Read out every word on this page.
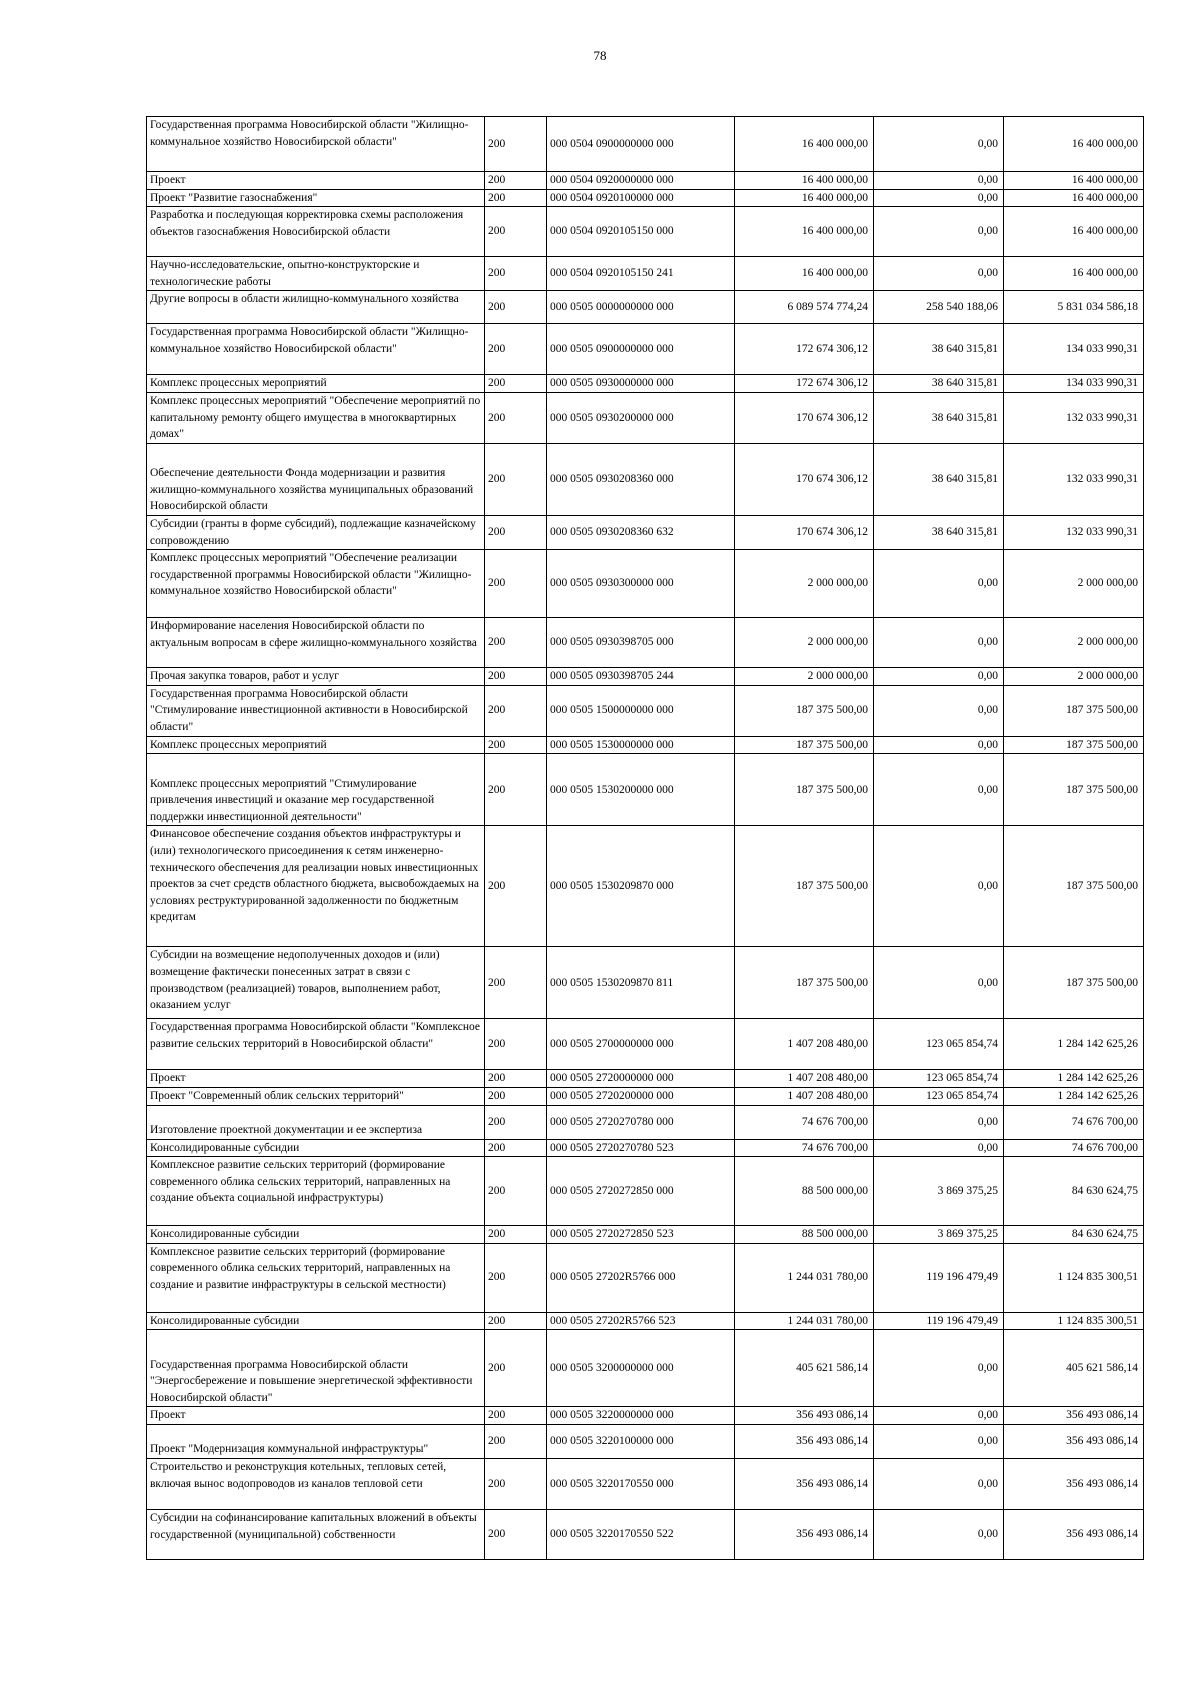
78
Государственная программа Новосибирской области "Жилищно-коммунальное хозяйство Новосибирской области"	200	000 0504 0900000000 000	16 400 000,00	0,00	16 400 000,00
Проект	200	000 0504 0920000000 000	16 400 000,00	0,00	16 400 000,00
Проект "Развитие газоснабжения"	200	000 0504 0920100000 000	16 400 000,00	0,00	16 400 000,00
Разработка и последующая корректировка схемы расположения объектов газоснабжения Новосибирской области	200	000 0504 0920105150 000	16 400 000,00	0,00	16 400 000,00
Научно-исследовательские, опытно-конструкторские и технологические работы	200	000 0504 0920105150 241	16 400 000,00	0,00	16 400 000,00
Другие вопросы в области жилищно-коммунального хозяйства	200	000 0505 0000000000 000	6 089 574 774,24	258 540 188,06	5 831 034 586,18
Государственная программа Новосибирской области "Жилищно-коммунальное хозяйство Новосибирской области"	200	000 0505 0900000000 000	172 674 306,12	38 640 315,81	134 033 990,31
Комплекс процессных мероприятий	200	000 0505 0930000000 000	172 674 306,12	38 640 315,81	134 033 990,31
Комплекс процессных мероприятий "Обеспечение мероприятий по капитальному ремонту общего имущества в многоквартирных домах"	200	000 0505 0930200000 000	170 674 306,12	38 640 315,81	132 033 990,31
Обеспечение деятельности Фонда модернизации и развития жилищно-коммунального хозяйства муниципальных образований Новосибирской области	200	000 0505 0930208360 000	170 674 306,12	38 640 315,81	132 033 990,31
Субсидии (гранты в форме субсидий), подлежащие казначейскому сопровождению	200	000 0505 0930208360 632	170 674 306,12	38 640 315,81	132 033 990,31
Комплекс процессных мероприятий "Обеспечение реализации государственной программы Новосибирской области "Жилищно-коммунальное хозяйство Новосибирской области"	200	000 0505 0930300000 000	2 000 000,00	0,00	2 000 000,00
Информирование населения Новосибирской области по актуальным вопросам в сфере жилищно-коммунального хозяйства	200	000 0505 0930398705 000	2 000 000,00	0,00	2 000 000,00
Прочая закупка товаров, работ и услуг	200	000 0505 0930398705 244	2 000 000,00	0,00	2 000 000,00
Государственная программа Новосибирской области "Стимулирование инвестиционной активности в Новосибирской области"	200	000 0505 1500000000 000	187 375 500,00	0,00	187 375 500,00
Комплекс процессных мероприятий	200	000 0505 1530000000 000	187 375 500,00	0,00	187 375 500,00
Комплекс процессных мероприятий "Стимулирование привлечения инвестиций и оказание мер государственной поддержки инвестиционной деятельности"	200	000 0505 1530200000 000	187 375 500,00	0,00	187 375 500,00
Финансовое обеспечение создания объектов инфраструктуры и (или) технологического присоединения к сетям инженерно-технического обеспечения для реализации новых инвестиционных проектов за счет средств областного бюджета, высвобождаемых на условиях реструктурированной задолженности по бюджетным кредитам	200	000 0505 1530209870 000	187 375 500,00	0,00	187 375 500,00
Субсидии на возмещение недополученных доходов и (или) возмещение фактически понесенных затрат в связи с производством (реализацией) товаров, выполнением работ, оказанием услуг	200	000 0505 1530209870 811	187 375 500,00	0,00	187 375 500,00
Государственная программа Новосибирской области "Комплексное развитие сельских территорий в Новосибирской области"	200	000 0505 2700000000 000	1 407 208 480,00	123 065 854,74	1 284 142 625,26
Проект	200	000 0505 2720000000 000	1 407 208 480,00	123 065 854,74	1 284 142 625,26
Проект "Современный облик сельских территорий"	200	000 0505 2720200000 000	1 407 208 480,00	123 065 854,74	1 284 142 625,26
Изготовление проектной документации и ее экспертиза	200	000 0505 2720270780 000	74 676 700,00	0,00	74 676 700,00
Консолидированные субсидии	200	000 0505 2720270780 523	74 676 700,00	0,00	74 676 700,00
Комплексное развитие сельских территорий (формирование современного облика сельских территорий, направленных на создание объекта социальной инфраструктуры)	200	000 0505 2720272850 000	88 500 000,00	3 869 375,25	84 630 624,75
Консолидированные субсидии	200	000 0505 2720272850 523	88 500 000,00	3 869 375,25	84 630 624,75
Комплексное развитие сельских территорий (формирование современного облика сельских территорий, направленных на создание и развитие инфраструктуры в сельской местности)	200	000 0505 27202R5766 000	1 244 031 780,00	119 196 479,49	1 124 835 300,51
Консолидированные субсидии	200	000 0505 27202R5766 523	1 244 031 780,00	119 196 479,49	1 124 835 300,51
Государственная программа Новосибирской области "Энергосбережение и повышение энергетической эффективности Новосибирской области"	200	000 0505 3200000000 000	405 621 586,14	0,00	405 621 586,14
Проект	200	000 0505 3220000000 000	356 493 086,14	0,00	356 493 086,14
Проект "Модернизация коммунальной инфраструктуры"	200	000 0505 3220100000 000	356 493 086,14	0,00	356 493 086,14
Строительство и реконструкция котельных, тепловых сетей, включая вынос водопроводов из каналов тепловой сети	200	000 0505 3220170550 000	356 493 086,14	0,00	356 493 086,14
Субсидии на софинансирование капитальных вложений в объекты государственной (муниципальной) собственности	200	000 0505 3220170550 522	356 493 086,14	0,00	356 493 086,14
